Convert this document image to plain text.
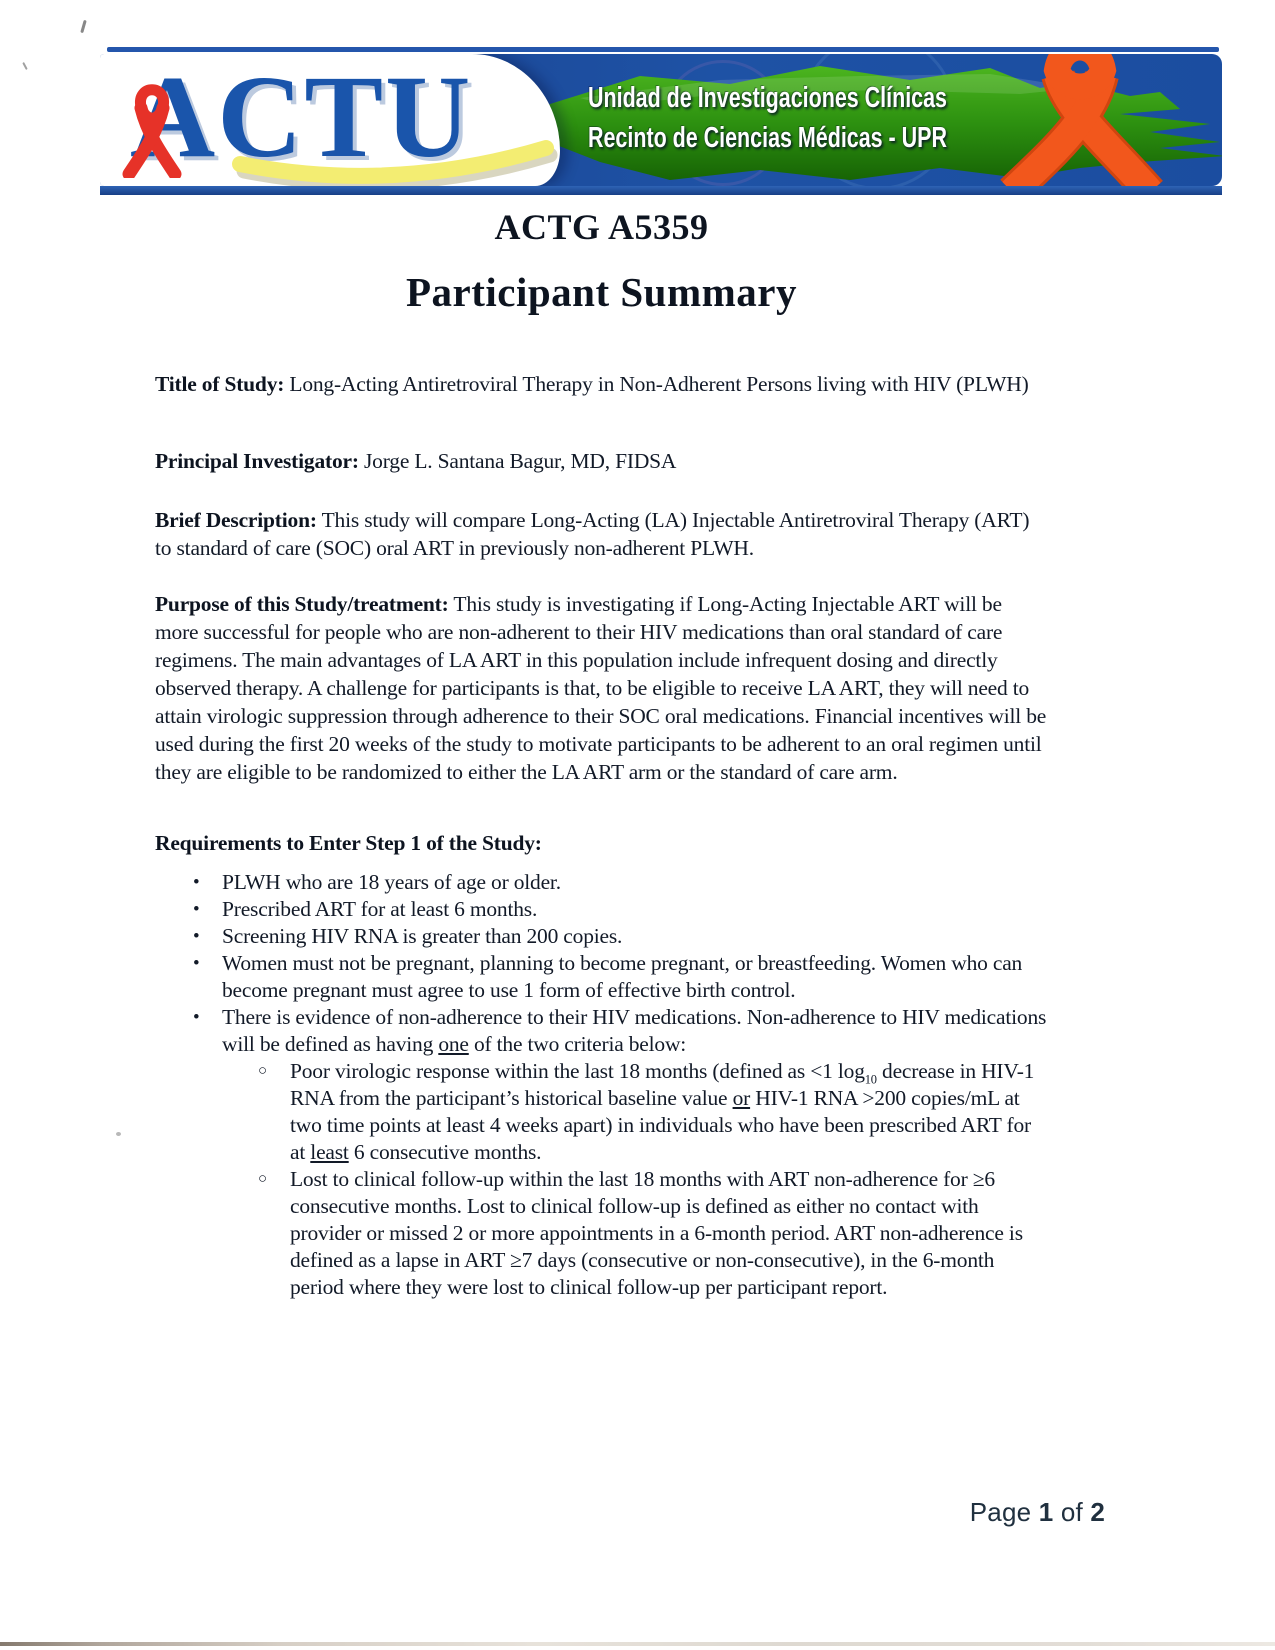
Unidad de Investigaciones Clínicas
Recinto de Ciencias Médicas - UPR
ACTU
ACTG A5359
Participant Summary

Title of Study: Long-Acting Antiretroviral Therapy in Non-Adherent Persons living with HIV (PLWH)

Principal Investigator: Jorge L. Santana Bagur, MD, FIDSA

Brief Description: This study will compare Long-Acting (LA) Injectable Antiretroviral Therapy (ART) to standard of care (SOC) oral ART in previously non-adherent PLWH.

Purpose of this Study/treatment: This study is investigating if Long-Acting Injectable ART will be more successful for people who are non-adherent to their HIV medications than oral standard of care regimens. The main advantages of LA ART in this population include infrequent dosing and directly observed therapy. A challenge for participants is that, to be eligible to receive LA ART, they will need to attain virologic suppression through adherence to their SOC oral medications. Financial incentives will be used during the first 20 weeks of the study to motivate participants to be adherent to an oral regimen until they are eligible to be randomized to either the LA ART arm or the standard of care arm.

Requirements to Enter Step 1 of the Study:

•	PLWH who are 18 years of age or older.
•	Prescribed ART for at least 6 months.
•	Screening HIV RNA is greater than 200 copies.
•	Women must not be pregnant, planning to become pregnant, or breastfeeding. Women who can become pregnant must agree to use 1 form of effective birth control.
•	There is evidence of non-adherence to their HIV medications. Non-adherence to HIV medications will be defined as having one of the two criteria below:
○	Poor virologic response within the last 18 months (defined as <1 $\log_{10}$ decrease in HIV-1 RNA from the participant’s historical baseline value or HIV-1 RNA >200 copies/mL at two time points at least 4 weeks apart) in individuals who have been prescribed ART for at least 6 consecutive months.
○	Lost to clinical follow-up within the last 18 months with ART non-adherence for ≥6 consecutive months. Lost to clinical follow-up is defined as either no contact with provider or missed 2 or more appointments in a 6-month period. ART non-adherence is defined as a lapse in ART ≥7 days (consecutive or non-consecutive), in the 6-month period where they were lost to clinical follow-up per participant report.
Page 1 of 2
